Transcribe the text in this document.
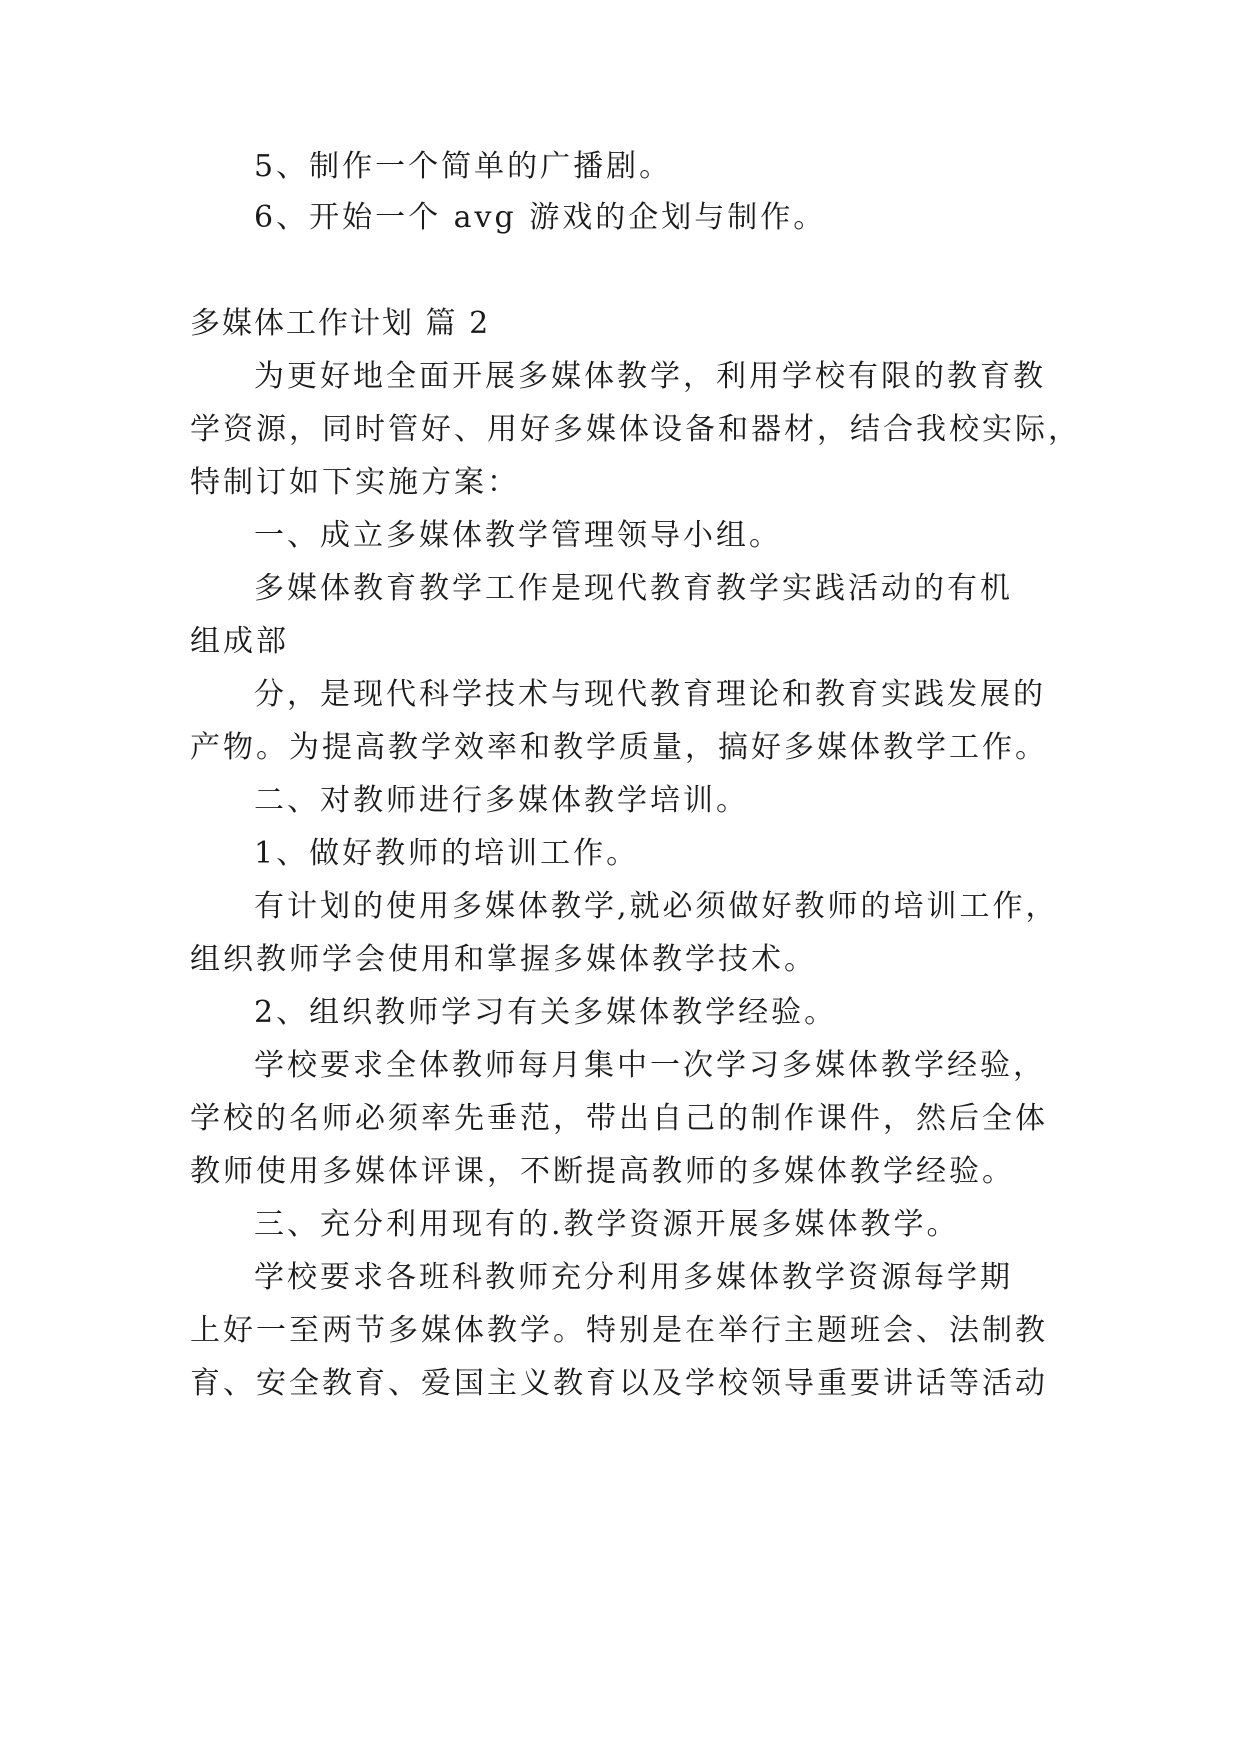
5、制作一个简单的广播剧。
6、开始一个 avg 游戏的企划与制作。
多媒体工作计划 篇 2
为更好地全面开展多媒体教学，利用学校有限的教育教
学资源，同时管好、用好多媒体设备和器材，结合我校实际，
特制订如下实施方案：
一、成立多媒体教学管理领导小组。
多媒体教育教学工作是现代教育教学实践活动的有机
组成部
分，是现代科学技术与现代教育理论和教育实践发展的
产物。为提高教学效率和教学质量，搞好多媒体教学工作。
二、对教师进行多媒体教学培训。
1、做好教师的培训工作。
有计划的使用多媒体教学,就必须做好教师的培训工作，
组织教师学会使用和掌握多媒体教学技术。
2、组织教师学习有关多媒体教学经验。
学校要求全体教师每月集中一次学习多媒体教学经验，
学校的名师必须率先垂范，带出自己的制作课件，然后全体
教师使用多媒体评课，不断提高教师的多媒体教学经验。
三、充分利用现有的.教学资源开展多媒体教学。
学校要求各班科教师充分利用多媒体教学资源每学期
上好一至两节多媒体教学。特别是在举行主题班会、法制教
育、安全教育、爱国主义教育以及学校领导重要讲话等活动
